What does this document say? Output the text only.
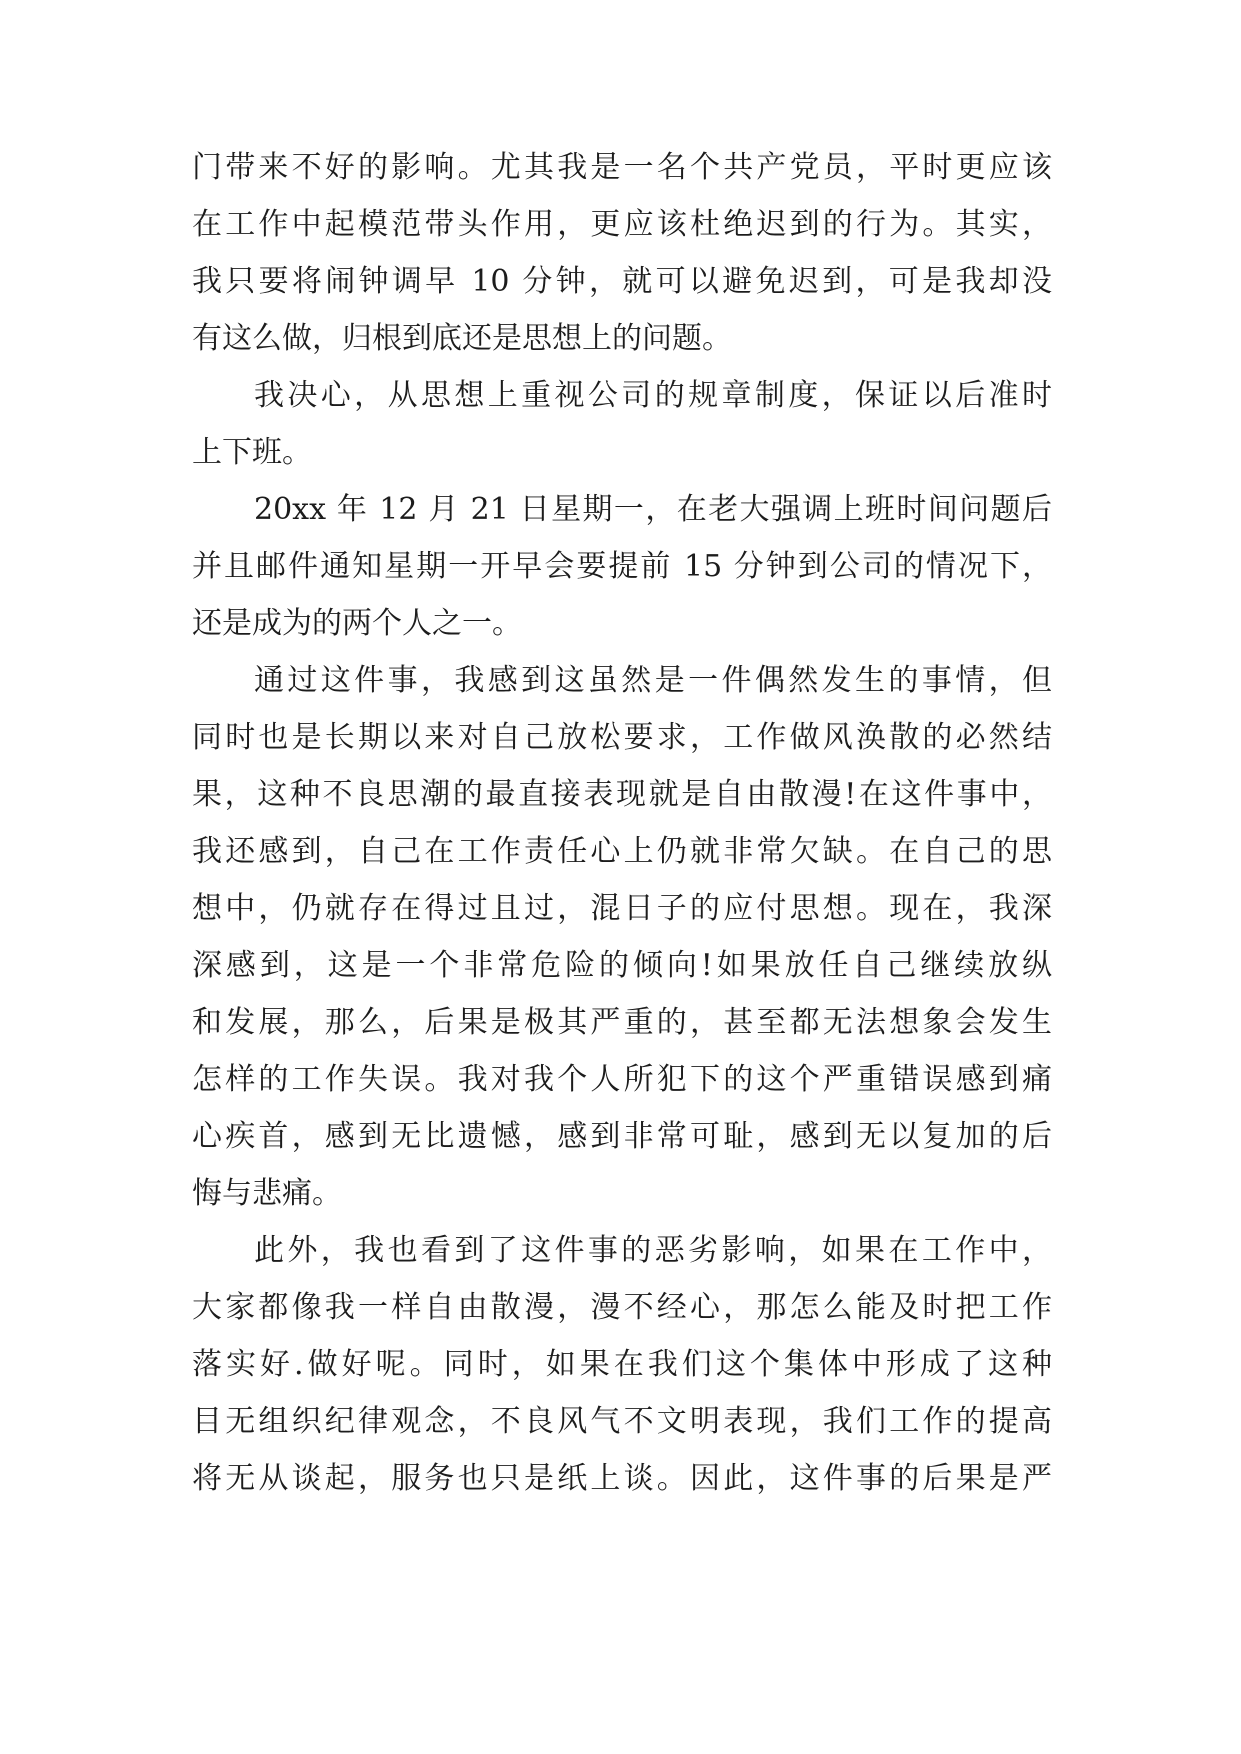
门带来不好的影响。尤其我是一名个共产党员，平时更应该

在工作中起模范带头作用，更应该杜绝迟到的行为。其实，

我只要将闹钟调早 10 分钟，就可以避免迟到，可是我却没

有这么做，归根到底还是思想上的问题。

我决心，从思想上重视公司的规章制度，保证以后准时

上下班。

20xx 年 12 月 21 日星期一，在老大强调上班时间问题后

并且邮件通知星期一开早会要提前 15 分钟到公司的情况下，

还是成为的两个人之一。

通过这件事，我感到这虽然是一件偶然发生的事情，但

同时也是长期以来对自己放松要求，工作做风涣散的必然结

果，这种不良思潮的最直接表现就是自由散漫!在这件事中，

我还感到，自己在工作责任心上仍就非常欠缺。在自己的思

想中，仍就存在得过且过，混日子的应付思想。现在，我深

深感到，这是一个非常危险的倾向!如果放任自己继续放纵

和发展，那么，后果是极其严重的，甚至都无法想象会发生

怎样的工作失误。我对我个人所犯下的这个严重错误感到痛

心疾首，感到无比遗憾，感到非常可耻，感到无以复加的后

悔与悲痛。

此外，我也看到了这件事的恶劣影响，如果在工作中，

大家都像我一样自由散漫，漫不经心，那怎么能及时把工作

落实好.做好呢。同时，如果在我们这个集体中形成了这种

目无组织纪律观念，不良风气不文明表现，我们工作的提高

将无从谈起，服务也只是纸上谈。因此，这件事的后果是严
